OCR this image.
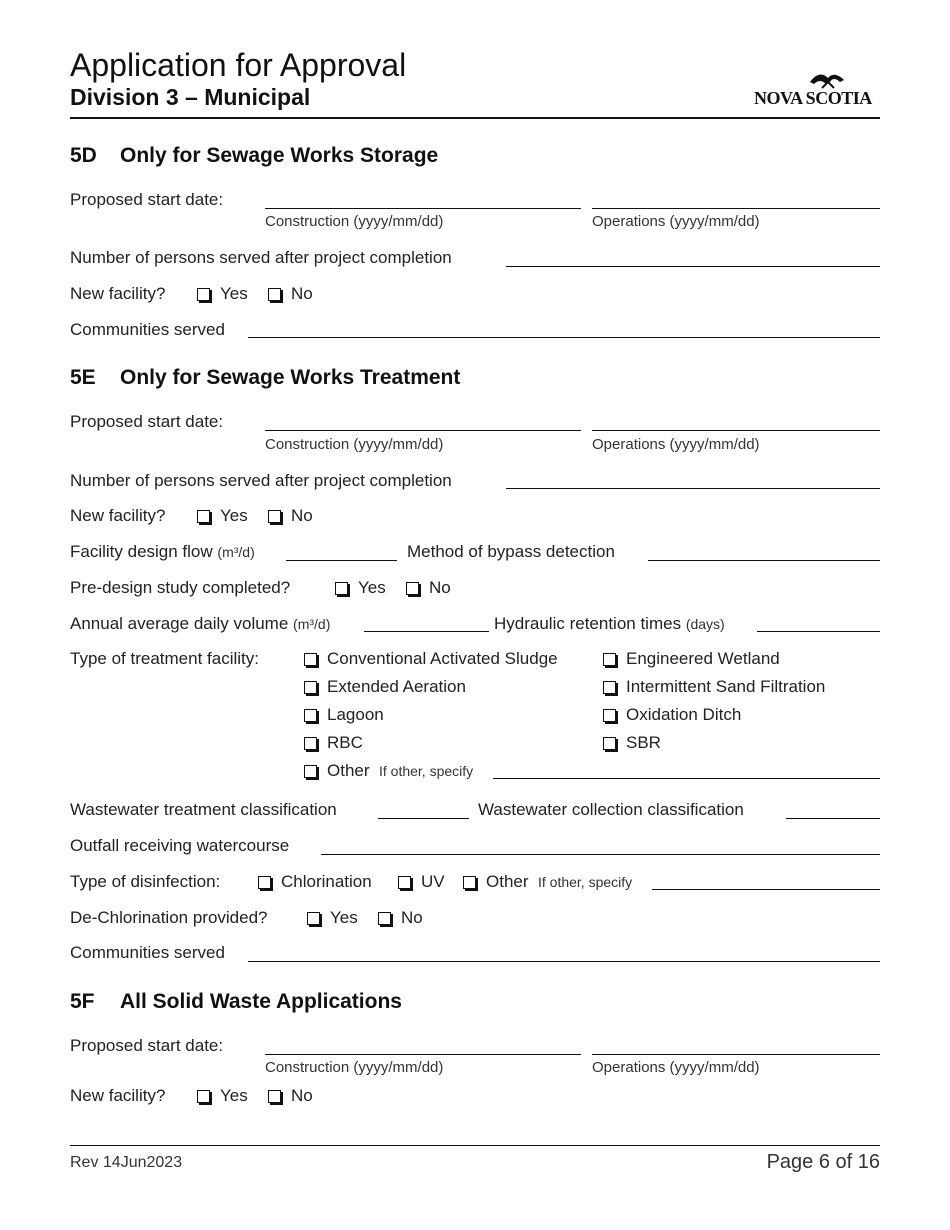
Application for Approval
Division 3 – Municipal	NOVA SCOTIA
5D Only for Sewage Works Storage
Proposed start date:
Construction (yyyy/mm/dd)	Operations (yyyy/mm/dd)
Number of persons served after project completion
New facility?	Yes	No
Communities served
5E Only for Sewage Works Treatment
Proposed start date:
Construction (yyyy/mm/dd)	Operations (yyyy/mm/dd)
Number of persons served after project completion
New facility?	Yes	No
Facility design flow (m³/d)	Method of bypass detection
Pre-design study completed?	Yes	No
Annual average daily volume (m³/d)	Hydraulic retention times (days)
Type of treatment facility:	Conventional Activated Sludge	Engineered Wetland
Extended Aeration	Intermittent Sand Filtration
Lagoon	Oxidation Ditch
RBC	SBR
Other If other, specify
Wastewater treatment classification	Wastewater collection classification
Outfall receiving watercourse
Type of disinfection:	Chlorination	UV Other If other, specify
De-Chlorination provided?	Yes	No
Communities served
5F All Solid Waste Applications
Proposed start date:
Construction (yyyy/mm/dd)	Operations (yyyy/mm/dd)
New facility?	Yes	No
Rev 14Jun2023	Page 6 of 16
